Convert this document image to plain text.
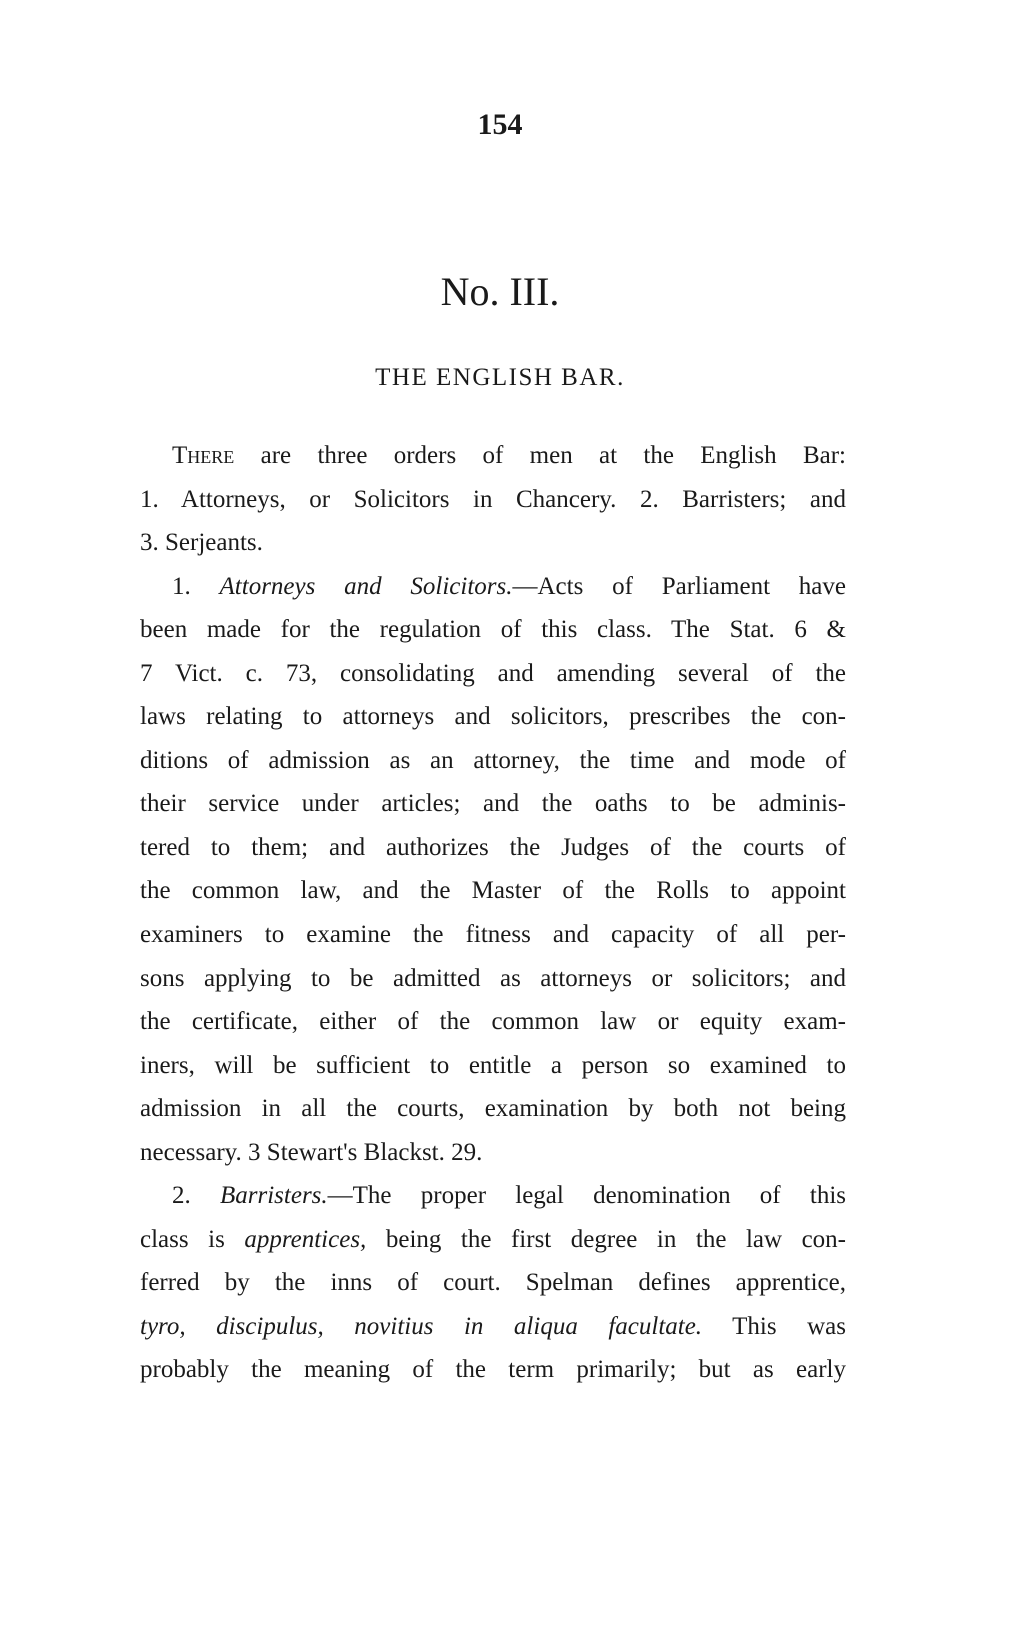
154
No. III.
THE ENGLISH BAR.
There are three orders of men at the English Bar:
1. Attorneys, or Solicitors in Chancery. 2. Barristers; and
3. Serjeants.
1. Attorneys and Solicitors.—Acts of Parliament have
been made for the regulation of this class. The Stat. 6 &
7 Vict. c. 73, consolidating and amending several of the
laws relating to attorneys and solicitors, prescribes the con-
ditions of admission as an attorney, the time and mode of
their service under articles; and the oaths to be adminis-
tered to them; and authorizes the Judges of the courts of
the common law, and the Master of the Rolls to appoint
examiners to examine the fitness and capacity of all per-
sons applying to be admitted as attorneys or solicitors; and
the certificate, either of the common law or equity exam-
iners, will be sufficient to entitle a person so examined to
admission in all the courts, examination by both not being
necessary. 3 Stewart's Blackst. 29.
2. Barristers.—The proper legal denomination of this
class is apprentices, being the first degree in the law con-
ferred by the inns of court. Spelman defines apprentice,
tyro, discipulus, novitius in aliqua facultate. This was
probably the meaning of the term primarily; but as early
